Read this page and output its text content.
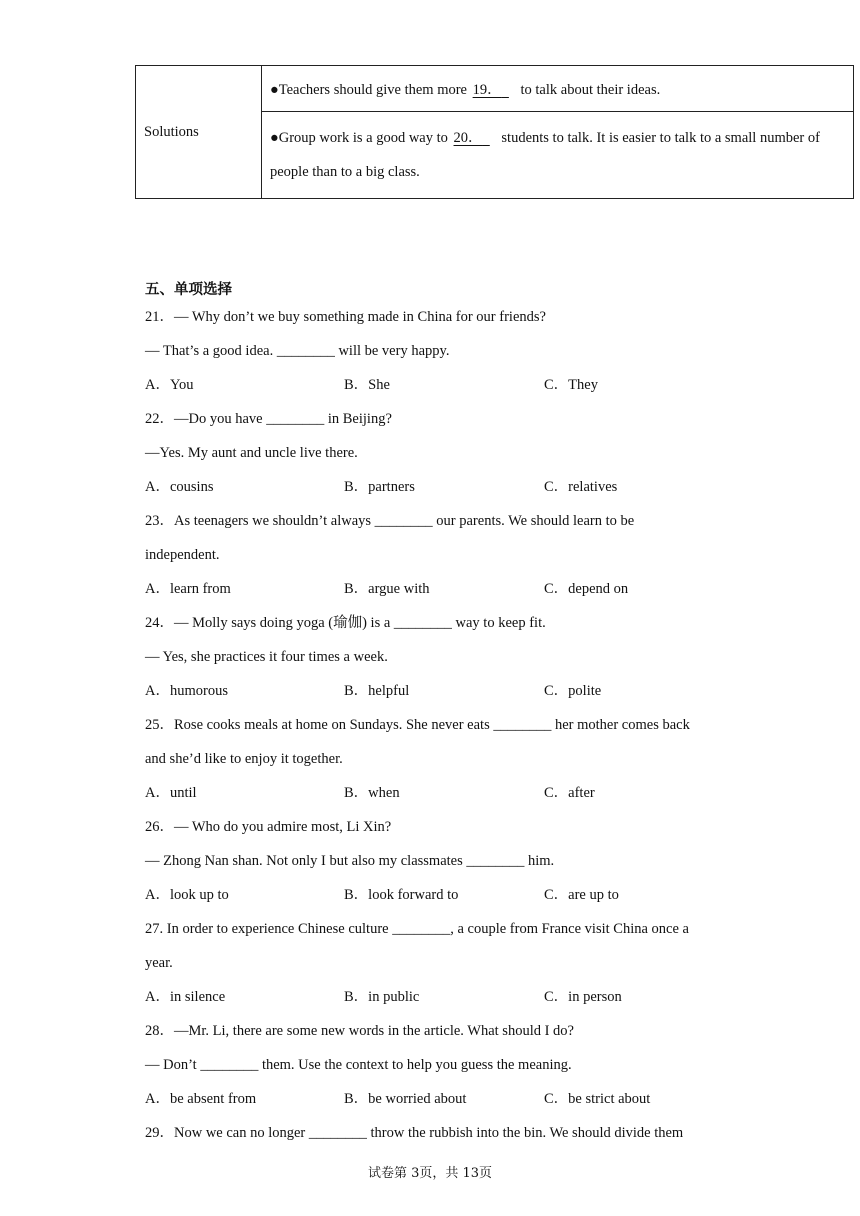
Solutions	●Teachers should give them more 19． to talk about their ideas.
●Group work is a good way to 20． students to talk. It is easier to talk to a small number of
people than to a big class.
五、单项选择
21．— Why don’t we buy something made in China for our friends?
— That’s a good idea. ________ will be very happy.
A．You	B．She	C．They
22．—Do you have ________ in Beijing?
—Yes. My aunt and uncle live there.
A．cousins	B．partners	C．relatives
23．As teenagers we shouldn’t always ________ our parents. We should learn to be
independent.
A．learn from	B．argue with	C．depend on
24．— Molly says doing yoga (瑜伽) is a ________ way to keep fit.
— Yes, she practices it four times a week.
A．humorous	B．helpful	C．polite
25．Rose cooks meals at home on Sundays. She never eats ________ her mother comes back
and she’d like to enjoy it together.
A．until	B．when	C．after
26．— Who do you admire most, Li Xin?
— Zhong Nan shan. Not only I but also my classmates ________ him.
A．look up to	B．look forward to	C．are up to
27. In order to experience Chinese culture ________, a couple from France visit China once a
year.
A．in silence	B．in public	C．in person
28．—Mr. Li, there are some new words in the article. What should I do?
— Don’t ________ them. Use the context to help you guess the meaning.
A．be absent from	B．be worried about	C．be strict about
29．Now we can no longer ________ throw the rubbish into the bin. We should divide them
试卷第 3页，共 13页
